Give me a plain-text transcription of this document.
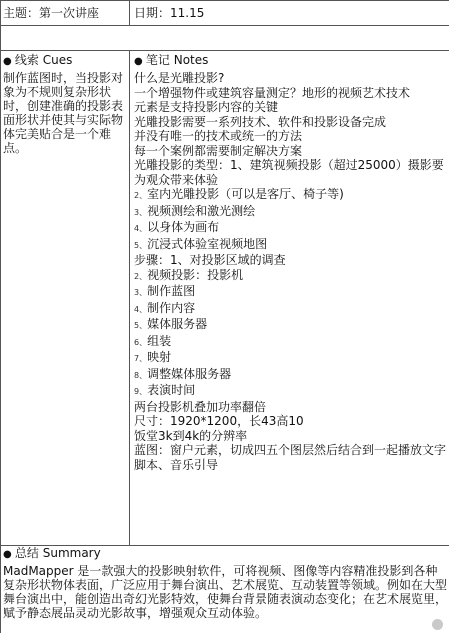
主题：第一次讲座	日期：11.15
● 线索 Cues
制作蓝图时，当投影对象为不规则复杂形状时，创建准确的投影表面形状并使其与实际物体完美贴合是一个难点。
● 笔记 Notes
什么是光雕投影?
一个增强物件或建筑容量测定？地形的视频艺术技术
元素是支持投影内容的关键
光雕投影需要一系列技术、软件和投影设备完成
并没有唯一的技术或统一的方法
每一个案例都需要制定解决方案
光雕投影的类型：1、建筑视频投影（超过25000）摄影要为观众带来体验
2、室内光雕投影（可以是客厅、椅子等)
3、视频测绘和激光测绘
4、以身体为画布
5、沉浸式体验室视频地图
步骤：1、对投影区域的调查
2、视频投影：投影机
3、制作蓝图
4、制作内容
5、媒体服务器
6、组装
7、映射
8、调整媒体服务器
9、表演时间
两台投影机叠加功率翻倍
尺寸：1920*1200，长43高10
饭堂3k到4k的分辨率
蓝图：窗户元素，切成四五个图层然后结合到一起播放文字脚本、音乐引导
● 总结 Summary
MadMapper 是一款强大的投影映射软件，可将视频、图像等内容精准投影到各种复杂形状物体表面，广泛应用于舞台演出、艺术展览、互动装置等领域。例如在大型舞台演出中，能创造出奇幻光影特效，使舞台背景随表演动态变化；在艺术展览里，赋予静态展品灵动光影故事，增强观众互动体验。
